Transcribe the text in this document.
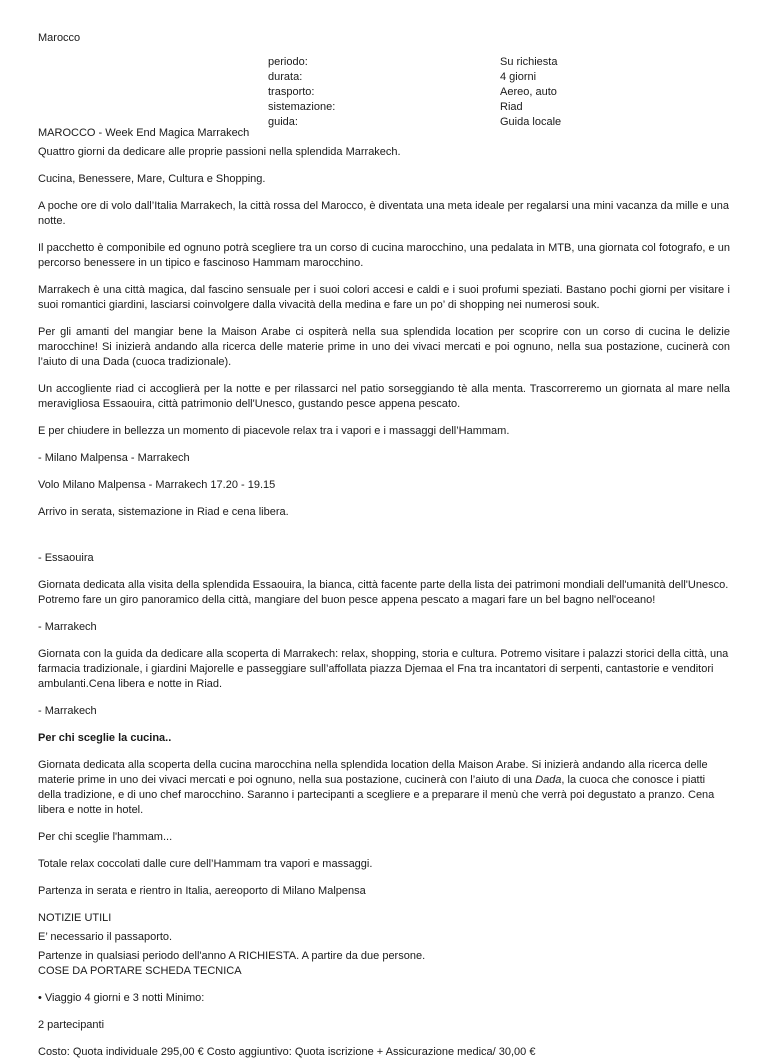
Marocco

periodo:	Su richiesta
durata:	4 giorni
trasporto:	Aereo, auto
sistemazione:	Riad
guida:	Guida locale

MAROCCO - Week End Magica Marrakech

Quattro giorni da dedicare alle proprie passioni nella splendida Marrakech.

Cucina, Benessere, Mare, Cultura e Shopping.

A poche ore di volo dall’Italia Marrakech, la città rossa del Marocco, è diventata una meta ideale per regalarsi una mini vacanza da mille e una notte.

Il pacchetto è componibile ed ognuno potrà scegliere tra un corso di cucina marocchino, una pedalata in MTB, una giornata col fotografo, e un percorso benessere in un tipico e fascinoso Hammam marocchino.

Marrakech è una città magica, dal fascino sensuale per i suoi colori accesi e caldi e i suoi profumi speziati. Bastano pochi giorni per visitare i suoi romantici giardini, lasciarsi coinvolgere dalla vivacità della medina e fare un po’ di shopping nei numerosi souk.

Per gli amanti del mangiar bene la Maison Arabe ci ospiterà nella sua splendida location per scoprire con un corso di cucina le delizie marocchine! Si inizierà andando alla ricerca delle materie prime in uno dei vivaci mercati e poi ognuno, nella sua postazione, cucinerà con l’aiuto di una Dada (cuoca tradizionale).

Un accogliente riad ci accoglierà per la notte e per rilassarci nel patio sorseggiando tè alla menta. Trascorreremo un giornata al mare nella meravigliosa Essaouira, città patrimonio dell'Unesco, gustando pesce appena pescato.

E per chiudere in bellezza un momento di piacevole relax tra i vapori e i massaggi dell’Hammam.

- Milano Malpensa - Marrakech

Volo Milano Malpensa - Marrakech 17.20 - 19.15

Arrivo in serata, sistemazione in Riad e cena libera.

- Essaouira

Giornata dedicata alla visita della splendida Essaouira, la bianca, città facente parte della lista dei patrimoni mondiali dell'umanità dell'Unesco. Potremo fare un giro panoramico della città, mangiare del buon pesce appena pescato a magari fare un bel bagno nell'oceano!

- Marrakech

Giornata con la guida da dedicare alla scoperta di Marrakech: relax, shopping, storia e cultura. Potremo visitare i palazzi storici della città, una farmacia tradizionale, i giardini Majorelle e passeggiare sull’affollata piazza Djemaa el Fna tra incantatori di serpenti, cantastorie e venditori ambulanti.Cena libera e notte in Riad.

- Marrakech

Per chi sceglie la cucina..

Giornata dedicata alla scoperta della cucina marocchina nella splendida location della Maison Arabe. Si inizierà andando alla ricerca delle materie prime in uno dei vivaci mercati e poi ognuno, nella sua postazione, cucinerà con l’aiuto di una Dada, la cuoca che conosce i piatti della tradizione, e di uno chef marocchino. Saranno i partecipanti a scegliere e a preparare il menù che verrà poi degustato a pranzo. Cena libera e notte in hotel.

Per chi sceglie l'hammam...

Totale relax coccolati dalle cure dell’Hammam tra vapori e massaggi.

Partenza in serata e rientro in Italia, aereoporto di Milano Malpensa

NOTIZIE UTILI

E’ necessario il passaporto.

Partenze in qualsiasi periodo dell'anno A RICHIESTA. A partire da due persone.

COSE DA PORTARE SCHEDA TECNICA

• Viaggio 4 giorni e 3 notti Minimo:

2 partecipanti

Costo: Quota individuale 295,00 € Costo aggiuntivo: Quota iscrizione + Assicurazione medica/ 30,00 €
